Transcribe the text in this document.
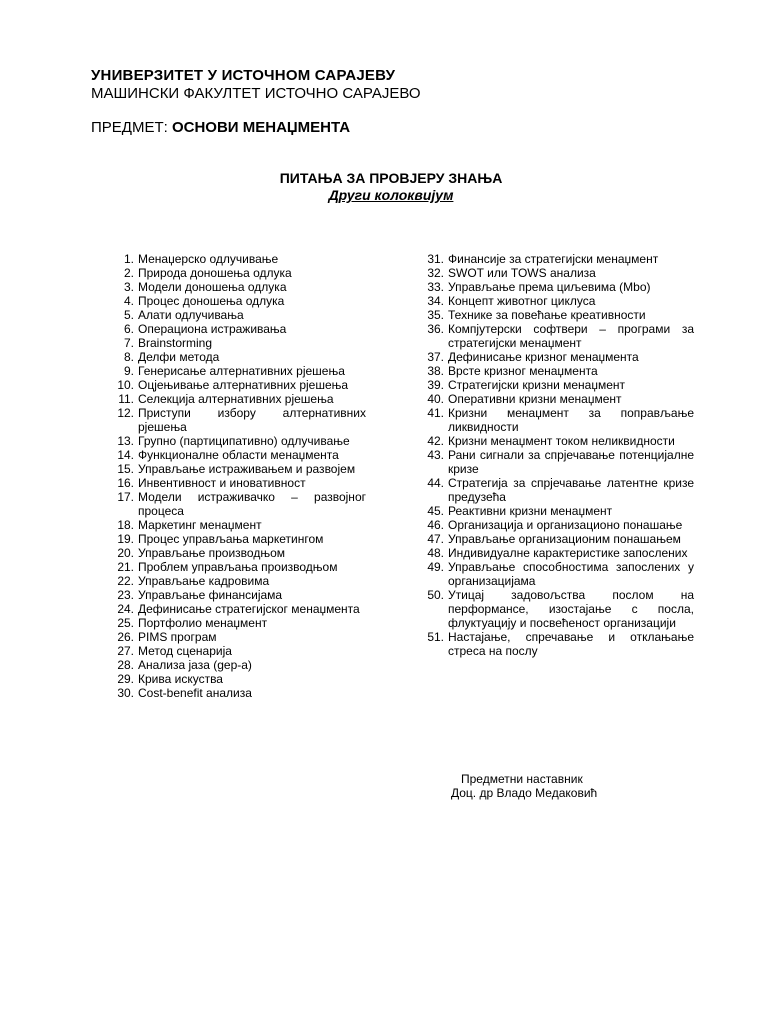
УНИВЕРЗИТЕТ У ИСТОЧНОМ САРАЈЕВУ
МАШИНСКИ ФАКУЛТЕТ ИСТОЧНО САРАЈЕВО
ПРЕДМЕТ: ОСНОВИ МЕНАЏМЕНТА
ПИТАЊА ЗА ПРОВЈЕРУ ЗНАЊА
Други колоквијум
1. Менаџерско одлучивање
2. Природа доношења одлука
3. Модели доношења одлука
4. Процес доношења одлука
5. Алати одлучивања
6. Операциона истраживања
7. Brainstorming
8. Делфи метода
9. Генерисање алтернативних рјешења
10. Оцјењивање алтернативних рјешења
11. Селекција алтернативних рјешења
12. Приступи избору алтернативних рјешења
13. Групно (партиципативно) одлучивање
14. Функционалне области менаџмента
15. Управљање истраживањем и развојем
16. Инвентивност и иновативност
17. Модели истраживачко – развојног процеса
18. Маркетинг менаџмент
19. Процес управљања маркетингом
20. Управљање производњом
21. Проблем управљања производњом
22. Управљање кадровима
23. Управљање финансијама
24. Дефинисање стратегијског менаџмента
25. Портфолио менаџмент
26. PIMS програм
27. Метод сценарија
28. Анализа јаза (gep-а)
29. Крива искуства
30. Cost-benefit анализа
31. Финансије за стратегијски менаџмент
32. SWOT или TOWS анализа
33. Управљање према циљевима (Mbo)
34. Концепт животног циклуса
35. Технике за повећање креативности
36. Компјутерски софтвери – програми за стратегијски менаџмент
37. Дефинисање кризног менаџмента
38. Врсте кризног менаџмента
39. Стратегијски кризни менаџмент
40. Оперативни кризни менаџмент
41. Кризни менаџмент за поправљање ликвидности
42. Кризни менаџмент током неликвидности
43. Рани сигнали за спрјечавање потенцијалне кризе
44. Стратегија за спрјечавање латентне кризе предузећа
45. Реактивни кризни менаџмент
46. Организација и организационо понашање
47. Управљање организационим понашањем
48. Индивидуалне карактеристике запослених
49. Управљање способностима запослених у организацијама
50. Утицај задовољства послом на перформансе, изостајање с посла, флуктуацију и посвећеност организацији
51. Настајање, спречавање и отклањање стреса на послу
Предметни наставник
Доц. др Владо Медаковић
